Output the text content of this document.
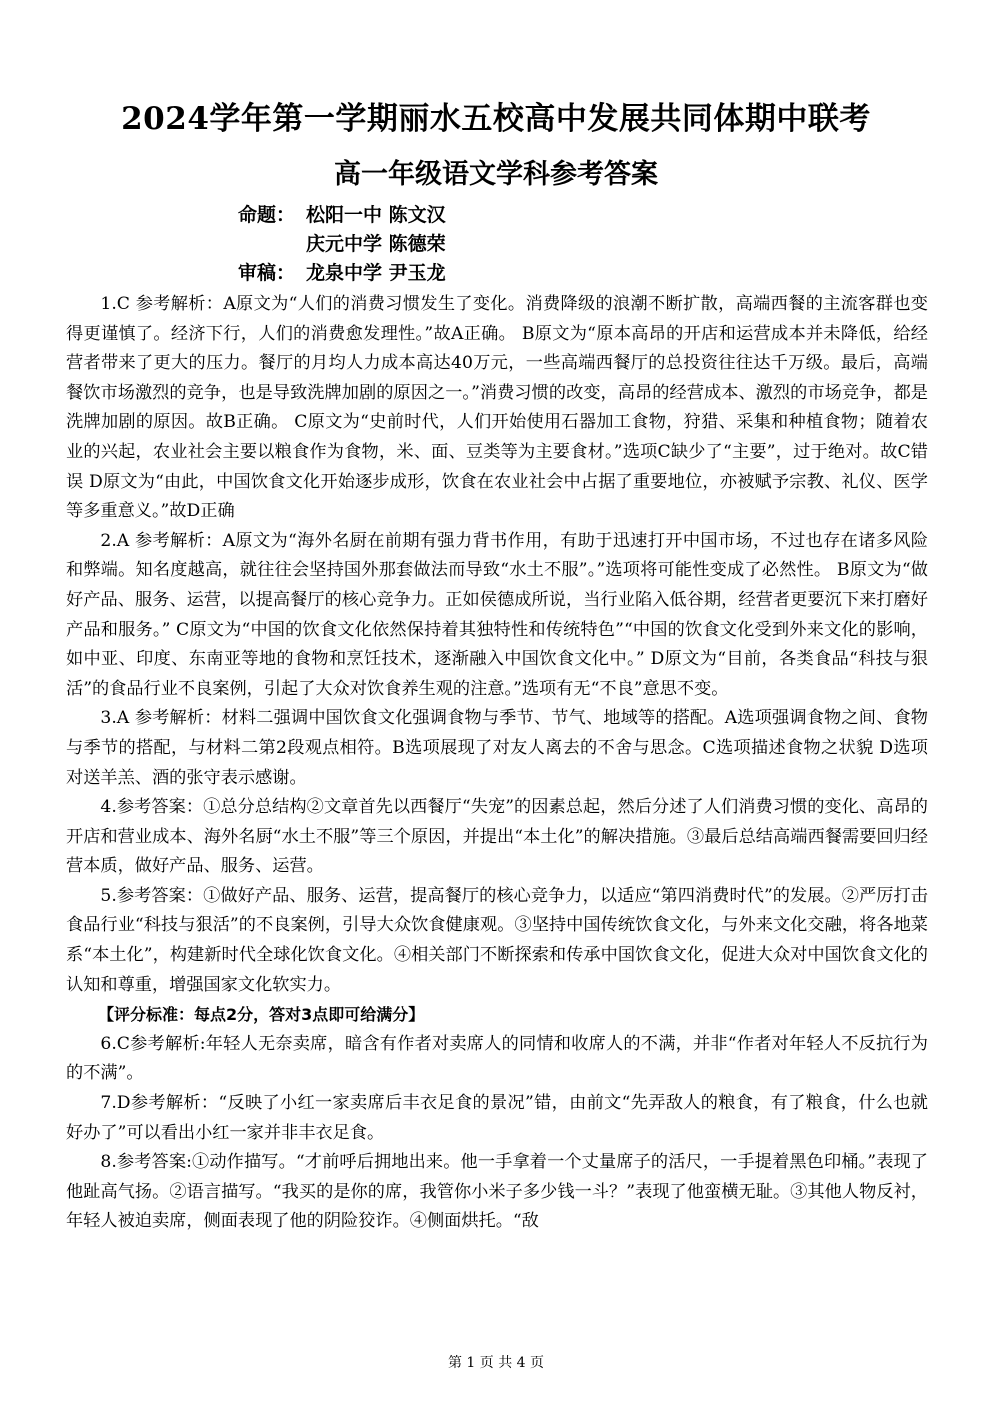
2024学年第一学期丽水五校高中发展共同体期中联考
高一年级语文学科参考答案
命题： 松阳一中 陈文汉
庆元中学 陈德荣
审稿： 龙泉中学 尹玉龙

1.C 参考解析：A原文为“人们的消费习惯发生了变化。消费降级的浪潮不断扩散，高端西餐的主流客群也变得更谨慎了。经济下行，人们的消费愈发理性。”故A正确。 B原文为“原本高昂的开店和运营成本并未降低，给经营者带来了更大的压力。餐厅的月均人力成本高达40万元，一些高端西餐厅的总投资往往达千万级。最后，高端餐饮市场激烈的竞争，也是导致洗牌加剧的原因之一。”消费习惯的改变，高昂的经营成本、激烈的市场竞争，都是洗牌加剧的原因。故B正确。 C原文为“史前时代，人们开始使用石器加工食物，狩猎、采集和种植食物；随着农业的兴起，农业社会主要以粮食作为食物，米、面、豆类等为主要食材。”选项C缺少了“主要”，过于绝对。故C错误 D原文为“由此，中国饮食文化开始逐步成形，饮食在农业社会中占据了重要地位，亦被赋予宗教、礼仪、医学等多重意义。”故D正确

2.A 参考解析：A原文为“海外名厨在前期有强力背书作用，有助于迅速打开中国市场，不过也存在诸多风险和弊端。知名度越高，就往往会坚持国外那套做法而导致“水土不服”。”选项将可能性变成了必然性。 B原文为“做好产品、服务、运营，以提高餐厅的核心竞争力。正如侯德成所说，当行业陷入低谷期，经营者更要沉下来打磨好产品和服务。” C原文为“中国的饮食文化依然保持着其独特性和传统特色”“中国的饮食文化受到外来文化的影响，如中亚、印度、东南亚等地的食物和烹饪技术，逐渐融入中国饮食文化中。” D原文为“目前，各类食品“科技与狠活”的食品行业不良案例，引起了大众对饮食养生观的注意。”选项有无“不良”意思不变。

3.A 参考解析：材料二强调中国饮食文化强调食物与季节、节气、地域等的搭配。A选项强调食物之间、食物与季节的搭配，与材料二第2段观点相符。B选项展现了对友人离去的不舍与思念。C选项描述食物之状貌 D选项对送羊羔、酒的张守表示感谢。

4.参考答案：①总分总结构②文章首先以西餐厅“失宠”的因素总起，然后分述了人们消费习惯的变化、高昂的开店和营业成本、海外名厨“水土不服”等三个原因，并提出“本土化”的解决措施。③最后总结高端西餐需要回归经营本质，做好产品、服务、运营。

5.参考答案：①做好产品、服务、运营，提高餐厅的核心竞争力，以适应“第四消费时代”的发展。②严厉打击食品行业“科技与狠活”的不良案例，引导大众饮食健康观。③坚持中国传统饮食文化，与外来文化交融，将各地菜系“本土化”，构建新时代全球化饮食文化。④相关部门不断探索和传承中国饮食文化，促进大众对中国饮食文化的认知和尊重，增强国家文化软实力。

【评分标准：每点2分，答对3点即可给满分】

6.C参考解析:年轻人无奈卖席，暗含有作者对卖席人的同情和收席人的不满，并非“作者对年轻人不反抗行为的不满”。

7.D参考解析：“反映了小红一家卖席后丰衣足食的景况”错，由前文“先弄敌人的粮食，有了粮食，什么也就好办了”可以看出小红一家并非丰衣足食。

8.参考答案:①动作描写。“才前呼后拥地出来。他一手拿着一个丈量席子的活尺，一手提着黑色印桶。”表现了他趾高气扬。②语言描写。“我买的是你的席，我管你小米子多少钱一斗？”表现了他蛮横无耻。③其他人物反衬，年轻人被迫卖席，侧面表现了他的阴险狡诈。④侧面烘托。“敌

第 1 页 共 4 页
